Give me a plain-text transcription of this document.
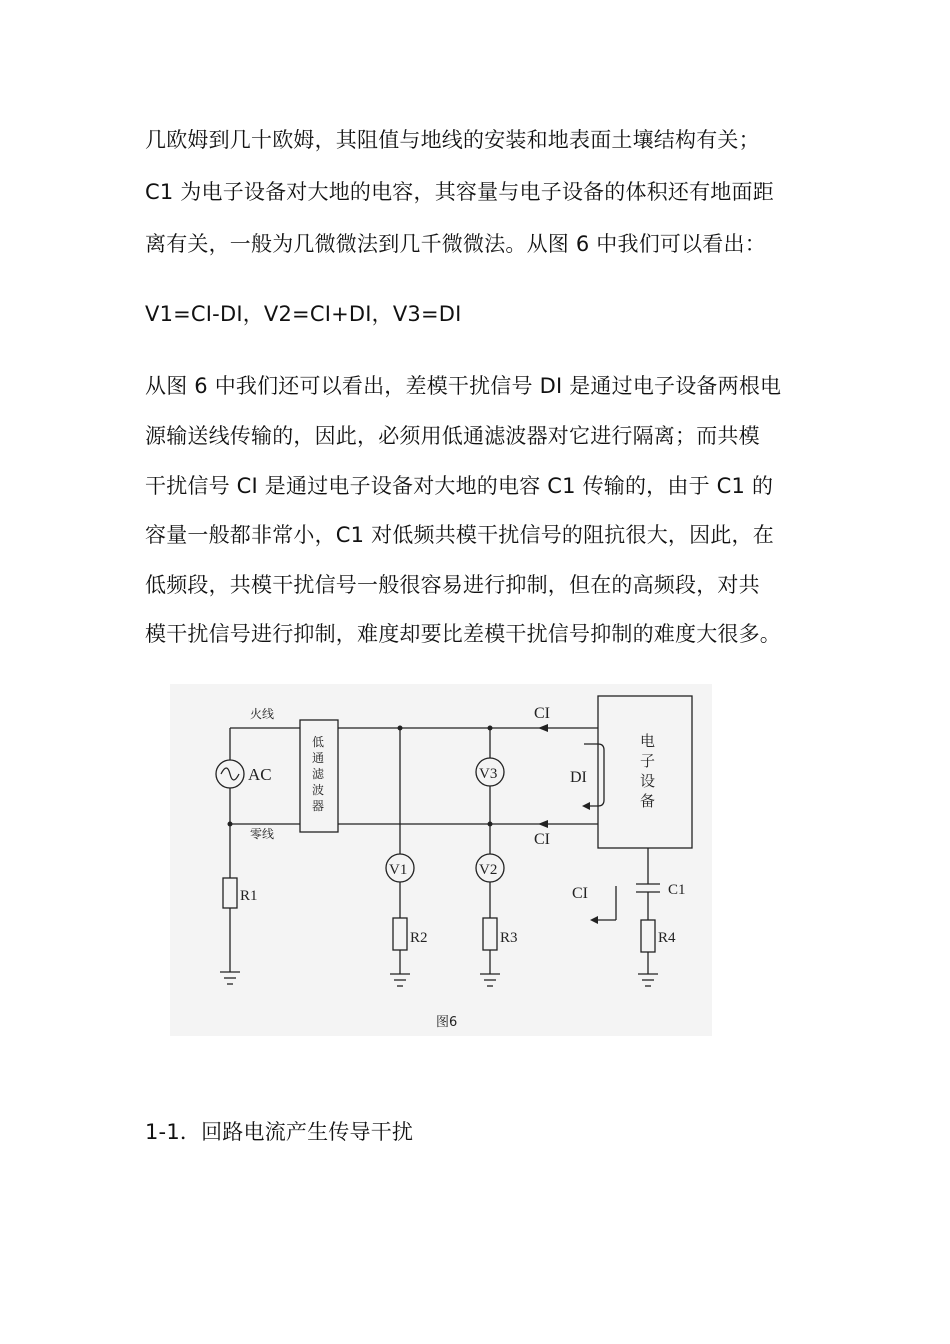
几欧姆到几十欧姆，其阻值与地线的安装和地表面土壤结构有关；
C1 为电子设备对大地的电容，其容量与电子设备的体积还有地面距
离有关，一般为几微微法到几千微微法。从图 6 中我们可以看出：
V1=CI-DI，V2=CI+DI，V3=DI
从图 6 中我们还可以看出，差模干扰信号 DI 是通过电子设备两根电
源输送线传输的，因此，必须用低通滤波器对它进行隔离；而共模
干扰信号 CI 是通过电子设备对大地的电容 C1 传输的，由于 C1 的
容量一般都非常小，C1 对低频共模干扰信号的阻抗很大，因此，在
低频段，共模干扰信号一般很容易进行抑制，但在的高频段，对共
模干扰信号进行抑制，难度却要比差模干扰信号抑制的难度大很多。
火线
零线
AC
低
通
滤
波
器
电
子
设
备
CI
CI
DI
CI
V1	V2
V3
R1
R2	R3	R4
C1
图6
1-1．回路电流产生传导干扰
